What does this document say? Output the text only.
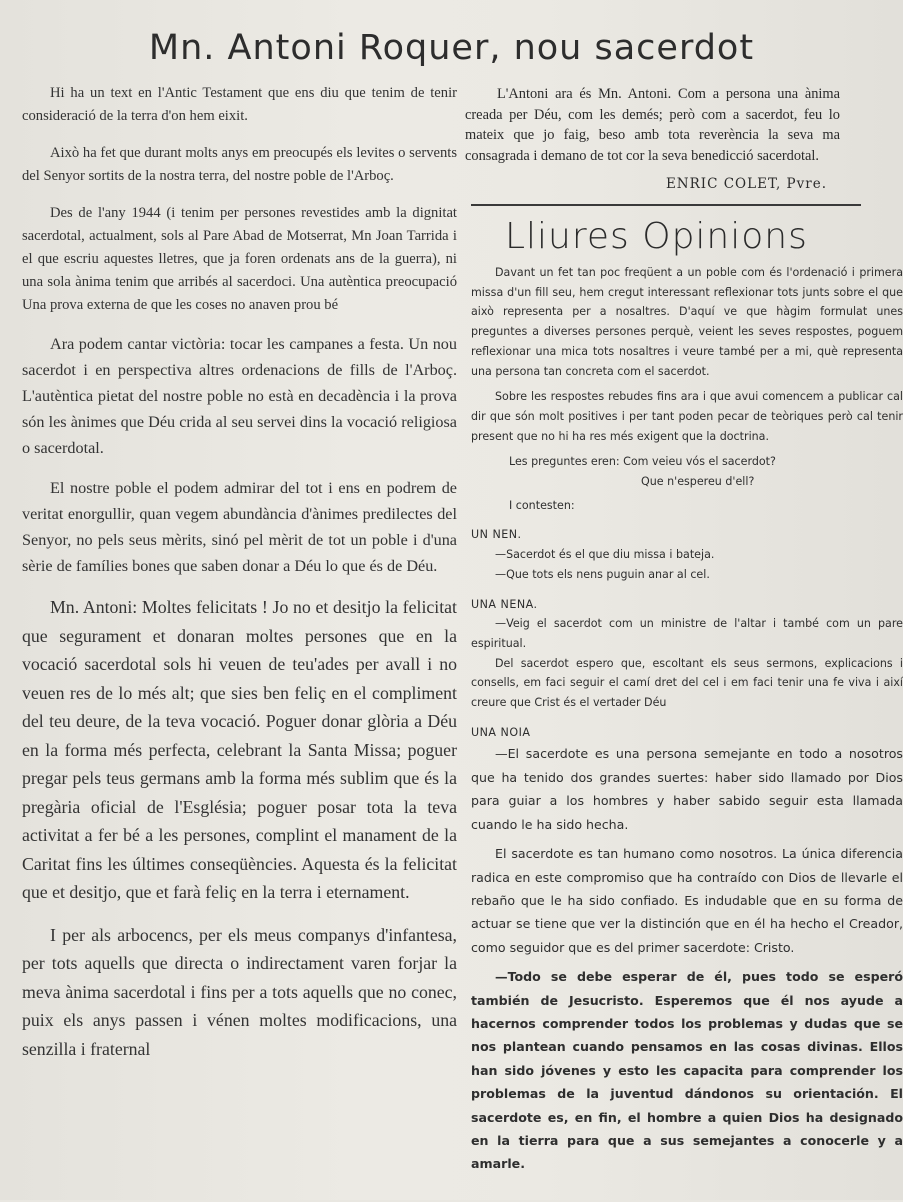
Mn. Antoni Roquer, nou sacerdot

Hi ha un text en l'Antic Testament que ens diu que tenim de tenir consideració de la terra d'on hem eixit.

Això ha fet que durant molts anys em preocupés els levites o servents del Senyor sortits de la nostra terra, del nostre poble de l'Arboç.

Des de l'any 1944 (i tenim per persones revestides amb la dignitat sacerdotal, actualment, sols al Pare Abad de Motserrat, Mn Joan Tarrida i el que escriu aquestes lletres, que ja foren ordenats ans de la guerra), ni una sola ànima tenim que arribés al sacerdoci. Una autèntica preocupació Una prova externa de que les coses no anaven prou bé

Ara podem cantar victòria: tocar les campanes a festa. Un nou sacerdot i en perspectiva altres ordenacions de fills de l'Arboç. L'autèntica pietat del nostre poble no està en decadència i la prova són les ànimes que Déu crida al seu servei dins la vocació religiosa o sacerdotal.

El nostre poble el podem admirar del tot i ens en podrem de veritat enorgullir, quan vegem abundància d'ànimes predilectes del Senyor, no pels seus mèrits, sinó pel mèrit de tot un poble i d'una sèrie de famílies bones que saben donar a Déu lo que és de Déu.

Mn. Antoni: Moltes felicitats ! Jo no et desitjo la felicitat que segurament et donaran moltes persones que en la vocació sacerdotal sols hi veuen de teu'ades per avall i no veuen res de lo més alt; que sies ben feliç en el compliment del teu deure, de la teva vocació. Poguer donar glòria a Déu en la forma més perfecta, celebrant la Santa Missa; poguer pregar pels teus germans amb la forma més sublim que és la pregària oficial de l'Església; poguer posar tota la teva activitat a fer bé a les persones, complint el manament de la Caritat fins les últimes conseqüències. Aquesta és la felicitat que et desitjo, que et farà feliç en la terra i eternament.

I per als arbocencs, per els meus companys d'infantesa, per tots aquells que directa o indirectament varen forjar la meva ànima sacerdotal i fins per a tots aquells que no conec, puix els anys passen i vénen moltes modificacions, una senzilla i fraternal

L'Antoni ara és Mn. Antoni. Com a persona una ànima creada per Déu, com les demés; però com a sacerdot, feu lo mateix que jo faig, beso amb tota reverència la seva ma consagrada i demano de tot cor la seva benedicció sacerdotal.

ENRIC COLET, Pvre.
Lliures Opinions

Davant un fet tan poc freqüent a un poble com és l'ordenació i primera missa d'un fill seu, hem cregut interessant reflexionar tots junts sobre el que això representa per a nosaltres. D'aquí ve que hàgim formulat unes preguntes a diverses persones perquè, veient les seves respostes, poguem reflexionar una mica tots nosaltres i veure també per a mi, què representa una persona tan concreta com el sacerdot.

Sobre les respostes rebudes fins ara i que avui comencem a publicar cal dir que són molt positives i per tant poden pecar de teòriques però cal tenir present que no hi ha res més exigent que la doctrina.

Les preguntes eren: Com veieu vós el sacerdot?

Que n'espereu d'ell?

I contesten:

UN NEN.

—Sacerdot és el que diu missa i bateja.

—Que tots els nens puguin anar al cel.

UNA NENA.

—Veig el sacerdot com un ministre de l'altar i també com un pare espiritual.

Del sacerdot espero que, escoltant els seus sermons, explicacions i consells, em faci seguir el camí dret del cel i em faci tenir una fe viva i així creure que Crist és el vertader Déu

UNA NOIA

—El sacerdote es una persona semejante en todo a nosotros que ha tenido dos grandes suertes: haber sido llamado por Dios para guiar a los hombres y haber sabido seguir esta llamada cuando le ha sido hecha.

El sacerdote es tan humano como nosotros. La única diferencia radica en este compromiso que ha contraído con Dios de llevarle el rebaño que le ha sido confiado. Es indudable que en su forma de actuar se tiene que ver la distinción que en él ha hecho el Creador, como seguidor que es del primer sacerdote: Cristo.

—Todo se debe esperar de él, pues todo se esperó también de Jesucristo. Esperemos que él nos ayude a hacernos comprender todos los problemas y dudas que se nos plantean cuando pensamos en las cosas divinas. Ellos han sido jóvenes y esto les capacita para comprender los problemas de la juventud dándonos su orientación. El sacerdote es, en fin, el hombre a quien Dios ha designado en la tierra para que a sus semejantes a conocerle y a amarle.
